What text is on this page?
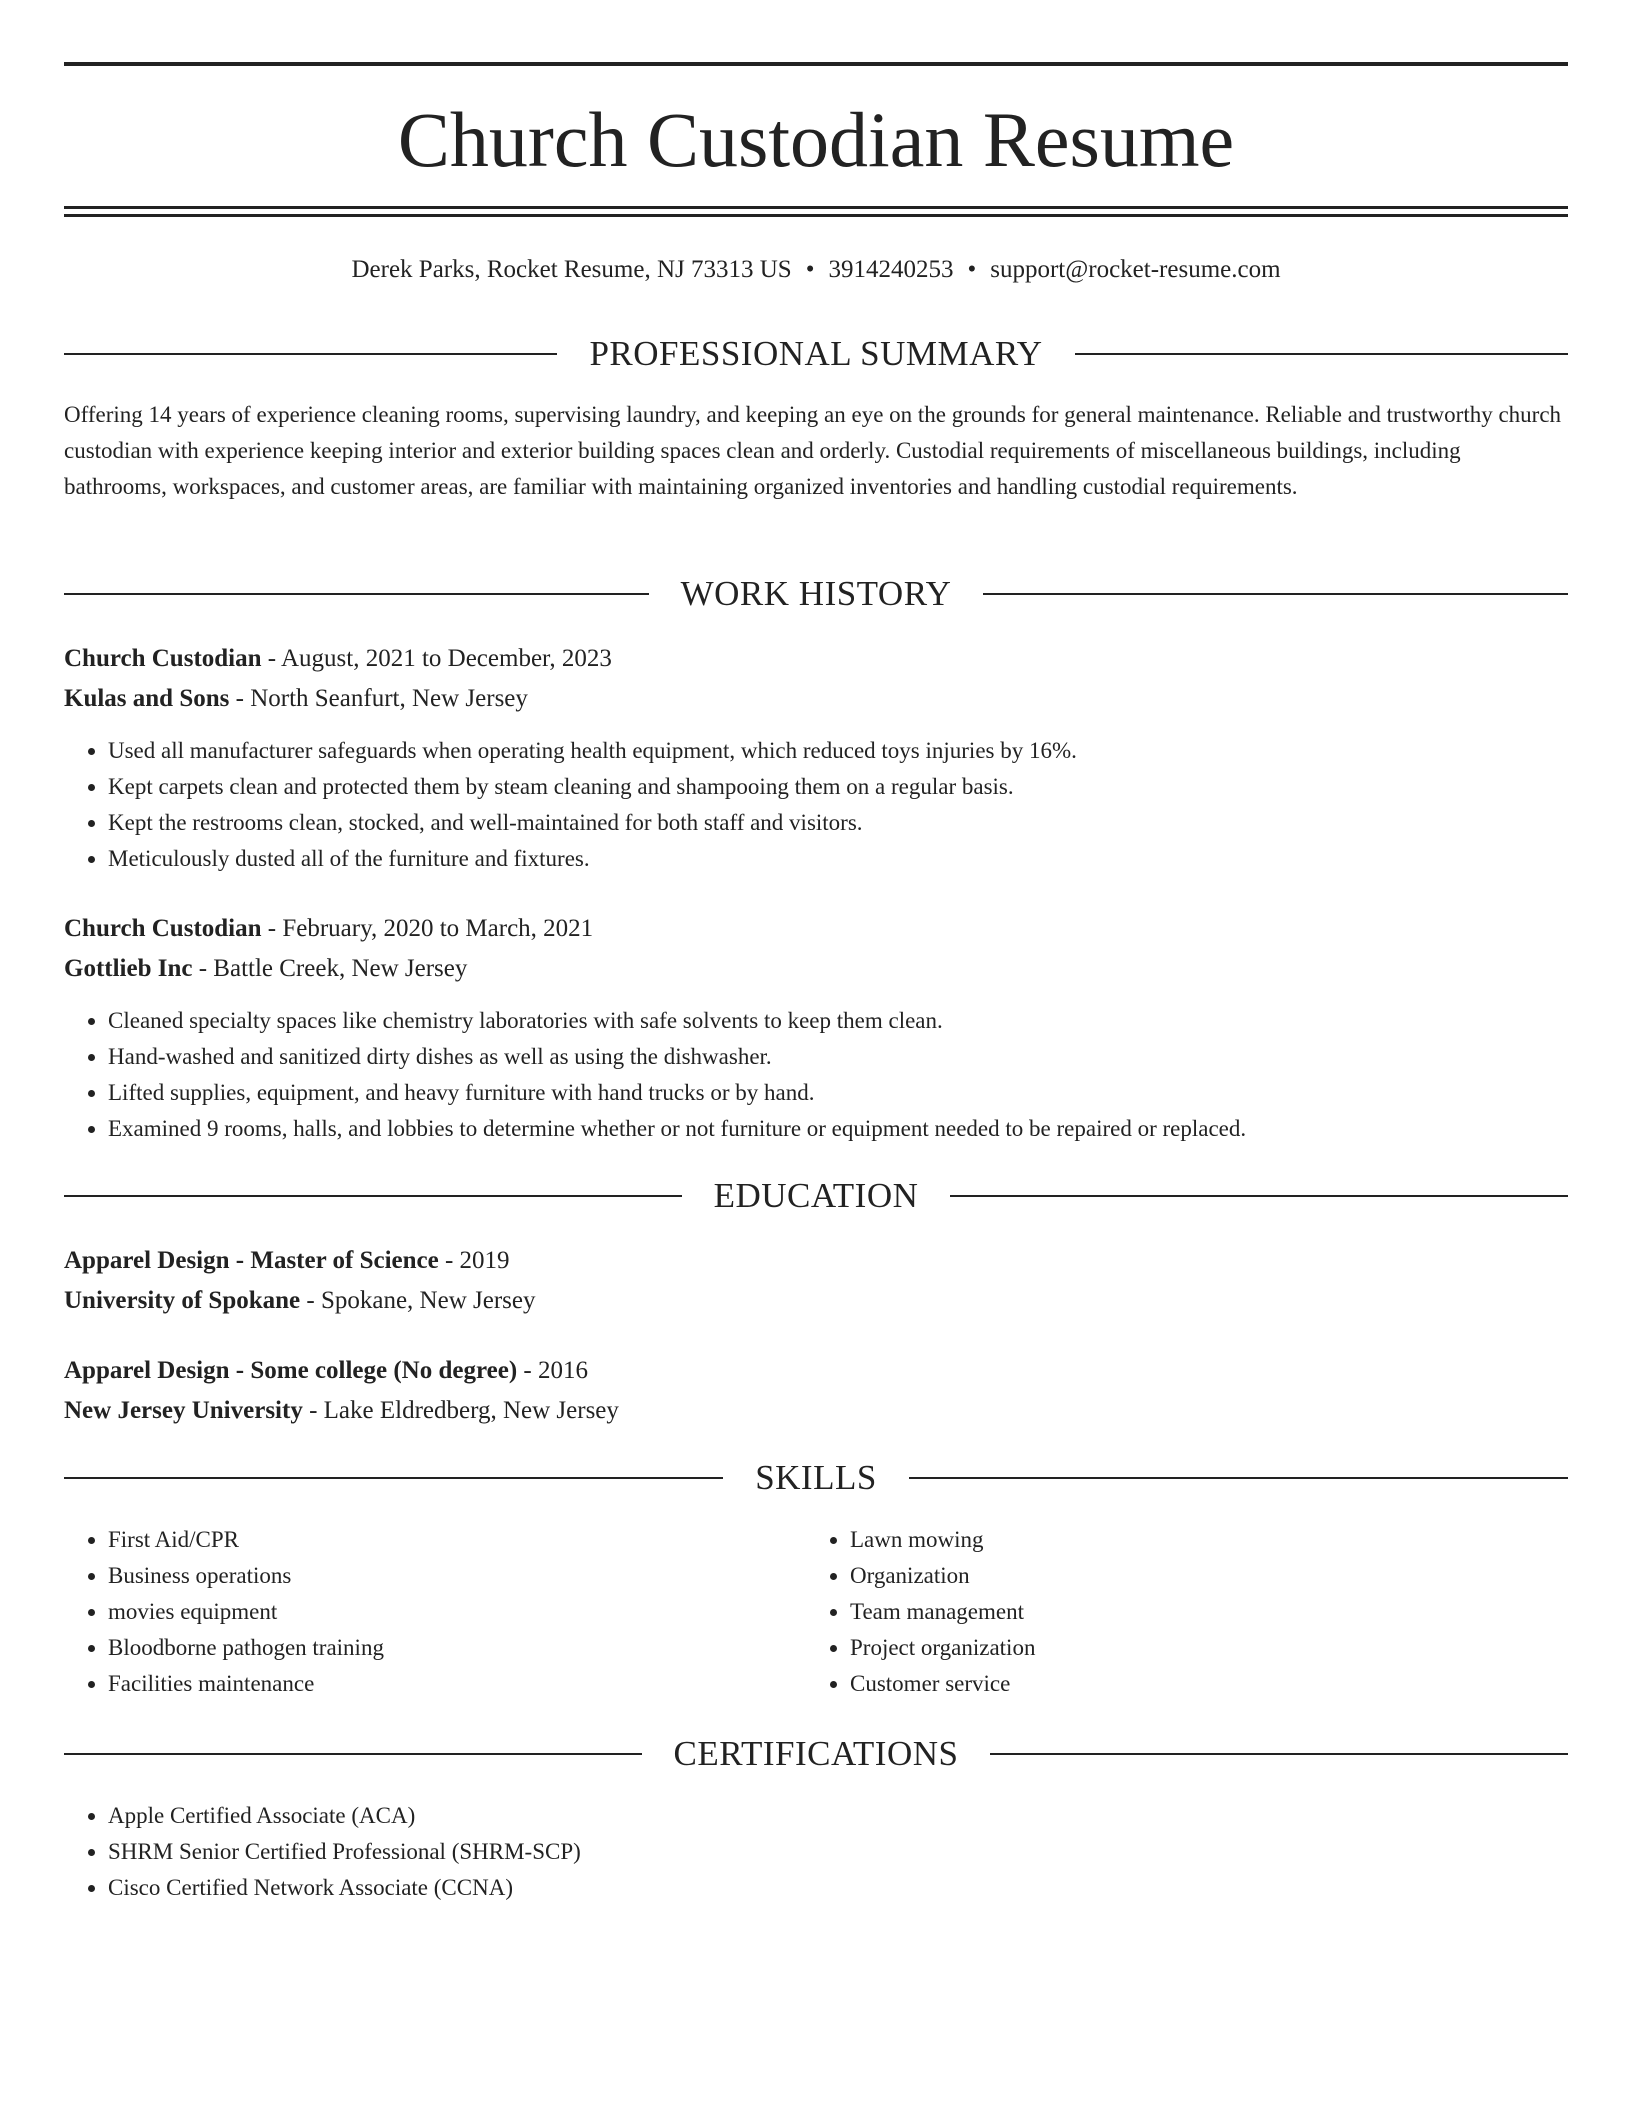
Church Custodian Resume
Derek Parks, Rocket Resume, NJ 73313 US • 3914240253 • support@rocket-resume.com
PROFESSIONAL SUMMARY

Offering 14 years of experience cleaning rooms, supervising laundry, and keeping an eye on the grounds for general maintenance. Reliable and trustworthy church custodian with experience keeping interior and exterior building spaces clean and orderly. Custodial requirements of miscellaneous buildings, including bathrooms, workspaces, and customer areas, are familiar with maintaining organized inventories and handling custodial requirements.

WORK HISTORY
Church Custodian - August, 2021 to December, 2023
Kulas and Sons - North Seanfurt, New Jersey
• Used all manufacturer safeguards when operating health equipment, which reduced toys injuries by 16%.
• Kept carpets clean and protected them by steam cleaning and shampooing them on a regular basis.
• Kept the restrooms clean, stocked, and well-maintained for both staff and visitors.
• Meticulously dusted all of the furniture and fixtures.
Church Custodian - February, 2020 to March, 2021
Gottlieb Inc - Battle Creek, New Jersey
• Cleaned specialty spaces like chemistry laboratories with safe solvents to keep them clean.
• Hand-washed and sanitized dirty dishes as well as using the dishwasher.
• Lifted supplies, equipment, and heavy furniture with hand trucks or by hand.
• Examined 9 rooms, halls, and lobbies to determine whether or not furniture or equipment needed to be repaired or replaced.
EDUCATION
Apparel Design - Master of Science - 2019
University of Spokane - Spokane, New Jersey
Apparel Design - Some college (No degree) - 2016
New Jersey University - Lake Eldredberg, New Jersey
SKILLS
• First Aid/CPR
• Business operations
• movies equipment
• Bloodborne pathogen training
• Facilities maintenance
• Lawn mowing
• Organization
• Team management
• Project organization
• Customer service
CERTIFICATIONS
• Apple Certified Associate (ACA)
• SHRM Senior Certified Professional (SHRM-SCP)
• Cisco Certified Network Associate (CCNA)
